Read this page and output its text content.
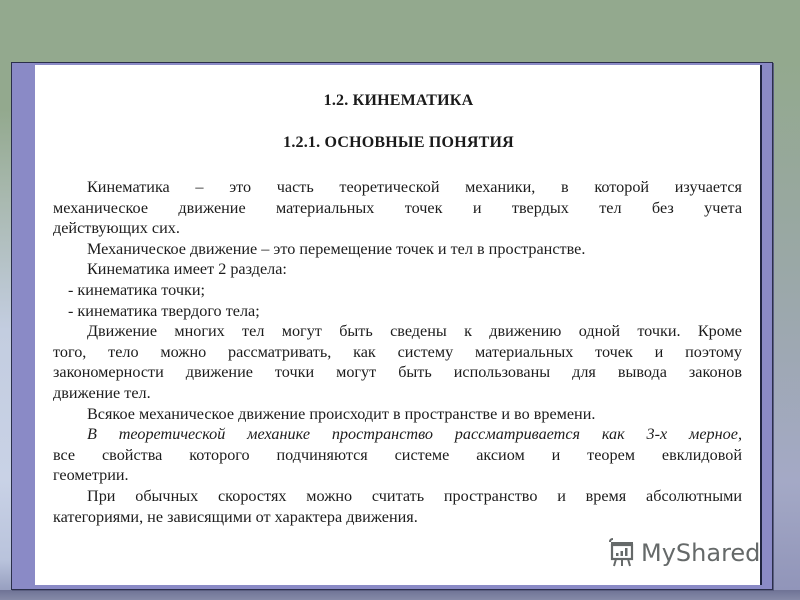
1.2. КИНЕМАТИКА
1.2.1. ОСНОВНЫЕ ПОНЯТИЯ

Кинематика – это часть теоретической механики, в которой изучается
механическое движение материальных точек и твердых тел без учета
действующих сих.

Механическое движение – это перемещение точек и тел в пространстве.

Кинематика имеет 2 раздела:

- кинематика точки;

- кинематика твердого тела;

Движение многих тел могут быть сведены к движению одной точки. Кроме
того, тело можно рассматривать, как систему материальных точек и поэтому
закономерности движение точки могут быть использованы для вывода законов
движение тел.

Всякое механическое движение происходит в пространстве и во времени.

В теоретической механике пространство рассматривается как 3-х мерное,
все свойства которого подчиняются системе аксиом и теорем евклидовой
геометрии.

При обычных скоростях можно считать пространство и время абсолютными
категориями, не зависящими от характера движения.

MyShared
